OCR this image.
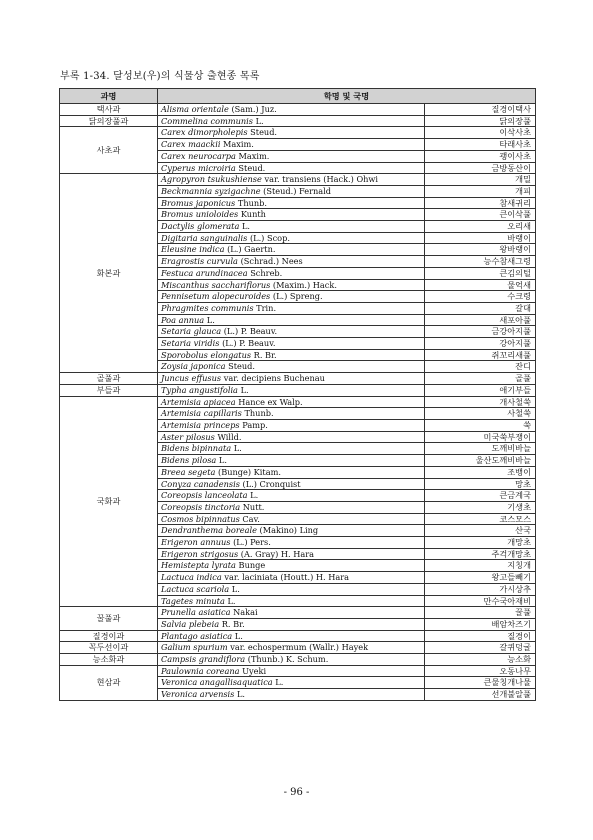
부록 1-34. 달성보(우)의 식물상 출현종 목록
과명	학명 및 국명	
택사과	Alisma orientale (Sam.) Juz.	질경이택사
닭의장풀과	Commelina communis L.	닭의장풀
사초과	Carex dimorpholepis Steud.	이삭사초
	Carex maackii Maxim.	타래사초
	Carex neurocarpa Maxim.	괭이사초
	Cyperus microiria Steud.	금방동산이
화본과	Agropyron tsukushiense var. transiens (Hack.) Ohwi	개밀
	Beckmannia syzigachne (Steud.) Fernald	개피
	Bromus japonicus Thunb.	참새귀리
	Bromus unioloides Kunth	큰이삭풀
	Dactylis glomerata L.	오리새
	Digitaria sanguinalis (L.) Scop.	바랭이
	Eleusine indica (L.) Gaertn.	왕바랭이
	Eragrostis curvula (Schrad.) Nees	능수참새그령
	Festuca arundinacea Schreb.	큰김의털
	Miscanthus sacchariflorus (Maxim.) Hack.	물억새
	Pennisetum alopecuroides (L.) Spreng.	수크령
	Phragmites communis Trin.	갈대
	Poa annua L.	새포아풀
	Setaria glauca (L.) P. Beauv.	금강아지풀
	Setaria viridis (L.) P. Beauv.	강아지풀
	Sporobolus elongatus R. Br.	쥐꼬리새풀
	Zoysia japonica Steud.	잔디
골풀과	Juncus effusus var. decipiens Buchenau	골풀
부들과	Typha angustifolia L.	애기부들
국화과	Artemisia apiacea Hance ex Walp.	개사철쑥
	Artemisia capillaris Thunb.	사철쑥
	Artemisia princeps Pamp.	쑥
	Aster pilosus Willd.	미국쑥부쟁이
	Bidens bipinnata L.	도깨비바늘
	Bidens pilosa L.	울산도깨비바늘
	Breea segeta (Bunge) Kitam.	조뱅이
	Conyza canadensis (L.) Cronquist	망초
	Coreopsis lanceolata L.	큰금계국
	Coreopsis tinctoria Nutt.	기생초
	Cosmos bipinnatus Cav.	코스모스
	Dendranthema boreale (Makino) Ling	산국
	Erigeron annuus (L.) Pers.	개망초
	Erigeron strigosus (A. Gray) H. Hara	주걱개망초
	Hemistepta lyrata Bunge	지칭개
	Lactuca indica var. laciniata (Houtt.) H. Hara	왕고들빼기
	Lactuca scariola L.	가시상추
	Tagetes minuta L.	만수국아재비
꿀풀과	Prunella asiatica Nakai	꿀풀
	Salvia plebeia R. Br.	배암차즈기
질경이과	Plantago asiatica L.	질경이
꼭두선이과	Galium spurium var. echospermum (Wallr.) Hayek	갈퀴덩굴
능소화과	Campsis grandiflora (Thunb.) K. Schum.	능소화
현삼과	Paulownia coreana Uyeki	오동나무
	Veronica anagallisaquatica L.	큰물칭개나물
	Veronica arvensis L.	선개불알풀
- 96 -
